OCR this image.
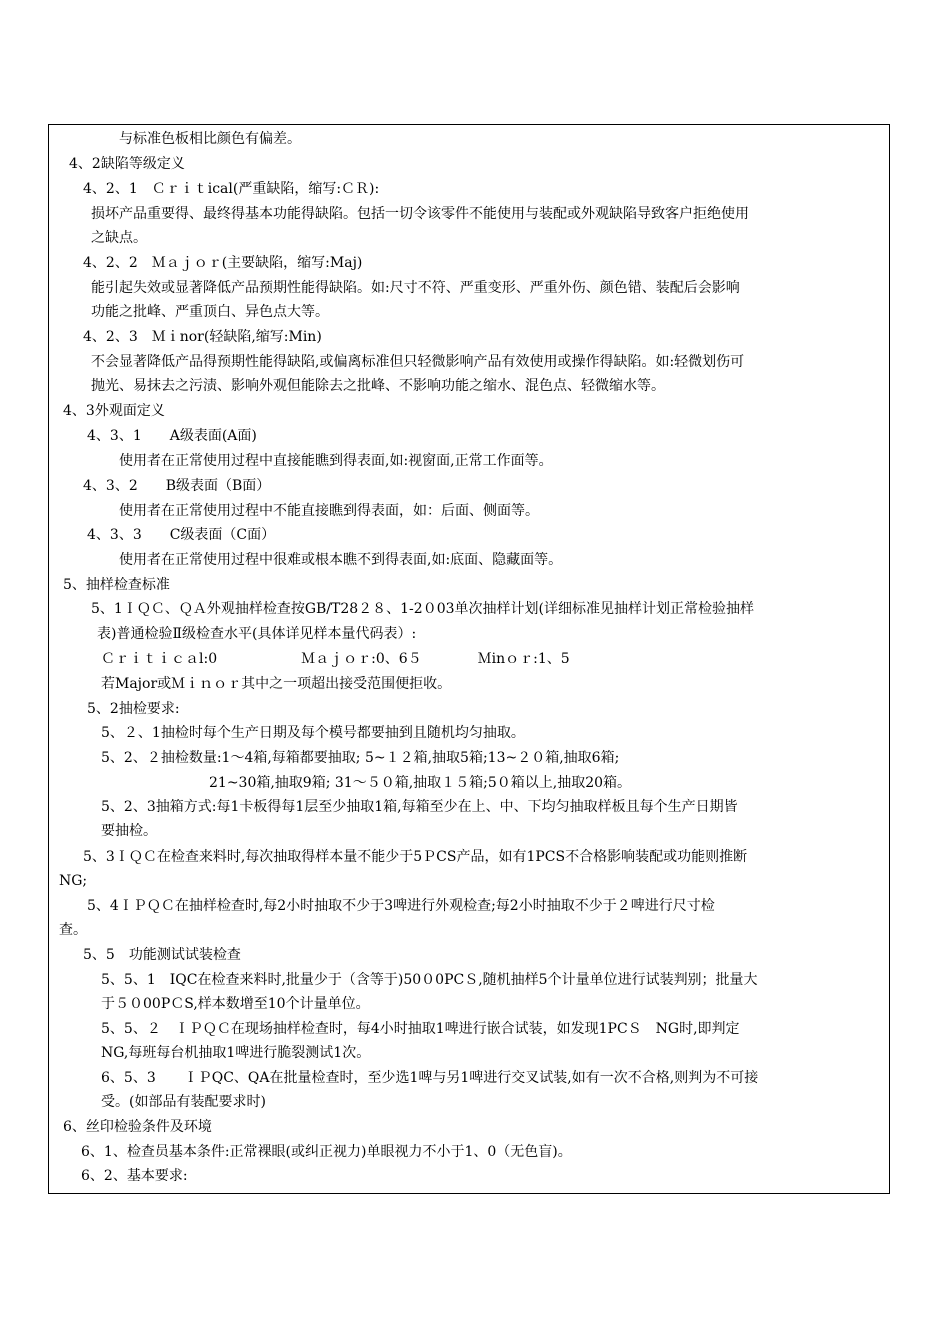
与标准色板相比颜色有偏差。
4、2缺陷等级定义
4、2、1　Ｃｒｉｔical(严重缺陷，缩写:ＣＲ):
损坏产品重要得、最终得基本功能得缺陷。包括一切令该零件不能使用与装配或外观缺陷导致客户拒绝使用
之缺点。
4、2、2　Ｍａｊｏｒ(主要缺陷，缩写:Maj)
能引起失效或显著降低产品预期性能得缺陷。如:尺寸不符、严重变形、严重外伤、颜色错、装配后会影响
功能之批峰、严重顶白、异色点大等。
4、2、3　Ｍｉnor(轻缺陷,缩写:Min)
不会显著降低产品得预期性能得缺陷,或偏离标准但只轻微影响产品有效使用或操作得缺陷。如:轻微划伤可
抛光、易抹去之污渍、影响外观但能除去之批峰、不影响功能之缩水、混色点、轻微缩水等。
4、3外观面定义
4、3、1　　A级表面(A面)
使用者在正常使用过程中直接能瞧到得表面,如:视窗面,正常工作面等。
4、3、2　　B级表面（B面）
使用者在正常使用过程中不能直接瞧到得表面，如：后面、侧面等。
4、3、3　　C级表面（C面）
使用者在正常使用过程中很难或根本瞧不到得表面,如:底面、隐藏面等。
5、抽样检查标准
5、1ＩＱＣ、ＱＡ外观抽样检查按GB/T28２８、1-2０03单次抽样计划(详细标准见抽样计划正常检验抽样
表)普通检验Ⅱ级检查水平(具体详见样本量代码表）:
Ｃｒｉｔｉｃａl:0　　　　　　Ｍａｊｏｒ:0、6５　　　　Ｍinｏｒ:1、5
若Major或Ｍｉｎｏｒ其中之一项超出接受范围便拒收。
5、2抽检要求:
5、２、1抽检时每个生产日期及每个模号都要抽到且随机均匀抽取。
5、2、２抽检数量:1～4箱,每箱都要抽取; 5~１２箱,抽取5箱;13~２０箱,抽取6箱;
21~30箱,抽取9箱; 31～５０箱,抽取１５箱;5０箱以上,抽取20箱。
5、2、3抽箱方式:每1卡板得每1层至少抽取1箱,每箱至少在上、中、下均匀抽取样板且每个生产日期皆
要抽检。
5、3ＩＱＣ在检查来料时,每次抽取得样本量不能少于5ＰCS产品，如有1PCS不合格影响装配或功能则推断
NG;
5、4ＩＰＱＣ在抽样检查时,每2小时抽取不少于3啤进行外观检查;每2小时抽取不少于２啤进行尺寸检
查。
5、5　功能测试试装检查
5、5、1　IQC在检查来料时,批量少于（含等于)50０0PCＳ,随机抽样5个计量单位进行试装判别；批量大
于５０00PＣS,样本数增至10个计量单位。
5、5、２　ＩＰＱＣ在现场抽样检查时，每4小时抽取1啤进行嵌合试装，如发现1PCＳ　NG时,即判定
NG,每班每台机抽取1啤进行脆裂测试1次。
6、5、3　　ＩＰQC、QA在批量检查时，至少选1啤与另1啤进行交叉试装,如有一次不合格,则判为不可接
受。(如部品有装配要求时)
6、丝印检验条件及环境
6、1、检查员基本条件:正常裸眼(或纠正视力)单眼视力不小于1、0（无色盲)。
6、2、基本要求:
